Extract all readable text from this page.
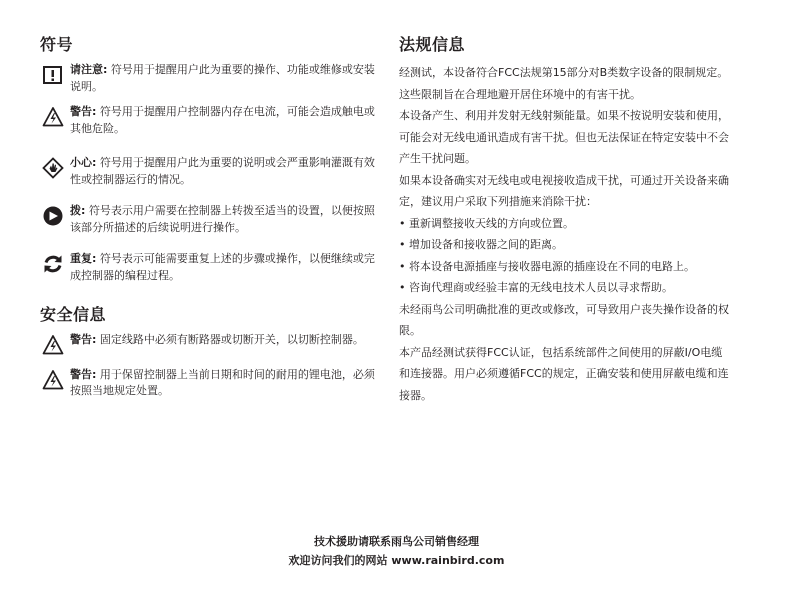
符号
请注意: 符号用于提醒用户此为重要的操作、功能或维修或安装说明。
警告: 符号用于提醒用户控制器内存在电流，可能会造成触电或其他危险。
小心: 符号用于提醒用户此为重要的说明或会严重影响灌溉有效性或控制器运行的情况。
拨: 符号表示用户需要在控制器上转拨至适当的设置，以便按照该部分所描述的后续说明进行操作。
重复: 符号表示可能需要重复上述的步骤或操作，以便继续或完成控制器的编程过程。
安全信息
警告: 固定线路中必须有断路器或切断开关，以切断控制器。
警告: 用于保留控制器上当前日期和时间的耐用的锂电池，必须按照当地规定处置。
法规信息

经测试，本设备符合FCC法规第15部分对B类数字设备的限制规定。这些限制旨在合理地避开居住环境中的有害干扰。

本设备产生、利用并发射无线射频能量。如果不按说明安装和使用，可能会对无线电通讯造成有害干扰。但也无法保证在特定安装中不会产生干扰问题。

如果本设备确实对无线电或电视接收造成干扰，可通过开关设备来确定，建议用户采取下列措施来消除干扰：

• 重新调整接收天线的方向或位置。

• 增加设备和接收器之间的距离。

• 将本设备电源插座与接收器电源的插座设在不同的电路上。

• 咨询代理商或经验丰富的无线电技术人员以寻求帮助。

未经雨鸟公司明确批准的更改或修改，可导致用户丧失操作设备的权限。

本产品经测试获得FCC认证，包括系统部件之间使用的屏蔽I/O电缆和连接器。用户必须遵循FCC的规定，正确安装和使用屏蔽电缆和连接器。

技术援助请联系雨鸟公司销售经理
欢迎访问我们的网站 www.rainbird.com
